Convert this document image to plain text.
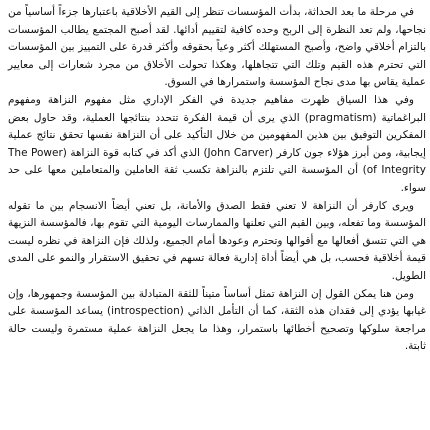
في مرحلة ما بعد الحداثة، بدأت المؤسسات تنظر إلى القيم الأخلاقية باعتبارها جزءاً أساسياً من نجاحها، ولم تعد النظرة إلى الربح وحده كافية لتقييم أدائها. لقد أصبح المجتمع يطالب المؤسسات بالتزام أخلاقي واضح، وأصبح المستهلك أكثر وعياً بحقوقه وأكثر قدرة على التمييز بين المؤسسات التي تحترم هذه القيم وتلك التي تتجاهلها، وهكذا تحولت الأخلاق من مجرد شعارات إلى معايير عملية يقاس بها مدى نجاح المؤسسة واستمرارها في السوق.

وفي هذا السياق ظهرت مفاهيم جديدة في الفكر الإداري مثل مفهوم النزاهة ومفهوم البراغماتية (pragmatism) الذي يرى أن قيمة الفكرة تتحدد بنتائجها العملية، وقد حاول بعض المفكرين التوفيق بين هذين المفهومين من خلال التأكيد على أن النزاهة نفسها تحقق نتائج عملية إيجابية، ومن أبرز هؤلاء جون كارفر (John Carver) الذي أكد في كتابه قوة النزاهة (The Power of Integrity) أن المؤسسة التي تلتزم بالنزاهة تكسب ثقة العاملين والمتعاملين معها على حد سواء.

ويرى كارفر أن النزاهة لا تعني فقط الصدق والأمانة، بل تعني أيضاً الانسجام بين ما تقوله المؤسسة وما تفعله، وبين القيم التي تعلنها والممارسات اليومية التي تقوم بها، فالمؤسسة النزيهة هي التي تتسق أفعالها مع أقوالها وتحترم وعودها أمام الجميع، ولذلك فإن النزاهة في نظره ليست قيمة أخلاقية فحسب، بل هي أيضاً أداة إدارية فعالة تسهم في تحقيق الاستقرار والنمو على المدى الطويل.

ومن هنا يمكن القول إن النزاهة تمثل أساساً متيناً للثقة المتبادلة بين المؤسسة وجمهورها، وإن غيابها يؤدي إلى فقدان هذه الثقة، كما أن التأمل الذاتي (introspection) يساعد المؤسسة على مراجعة سلوكها وتصحيح أخطائها باستمرار، وهذا ما يجعل النزاهة عملية مستمرة وليست حالة ثابتة.
